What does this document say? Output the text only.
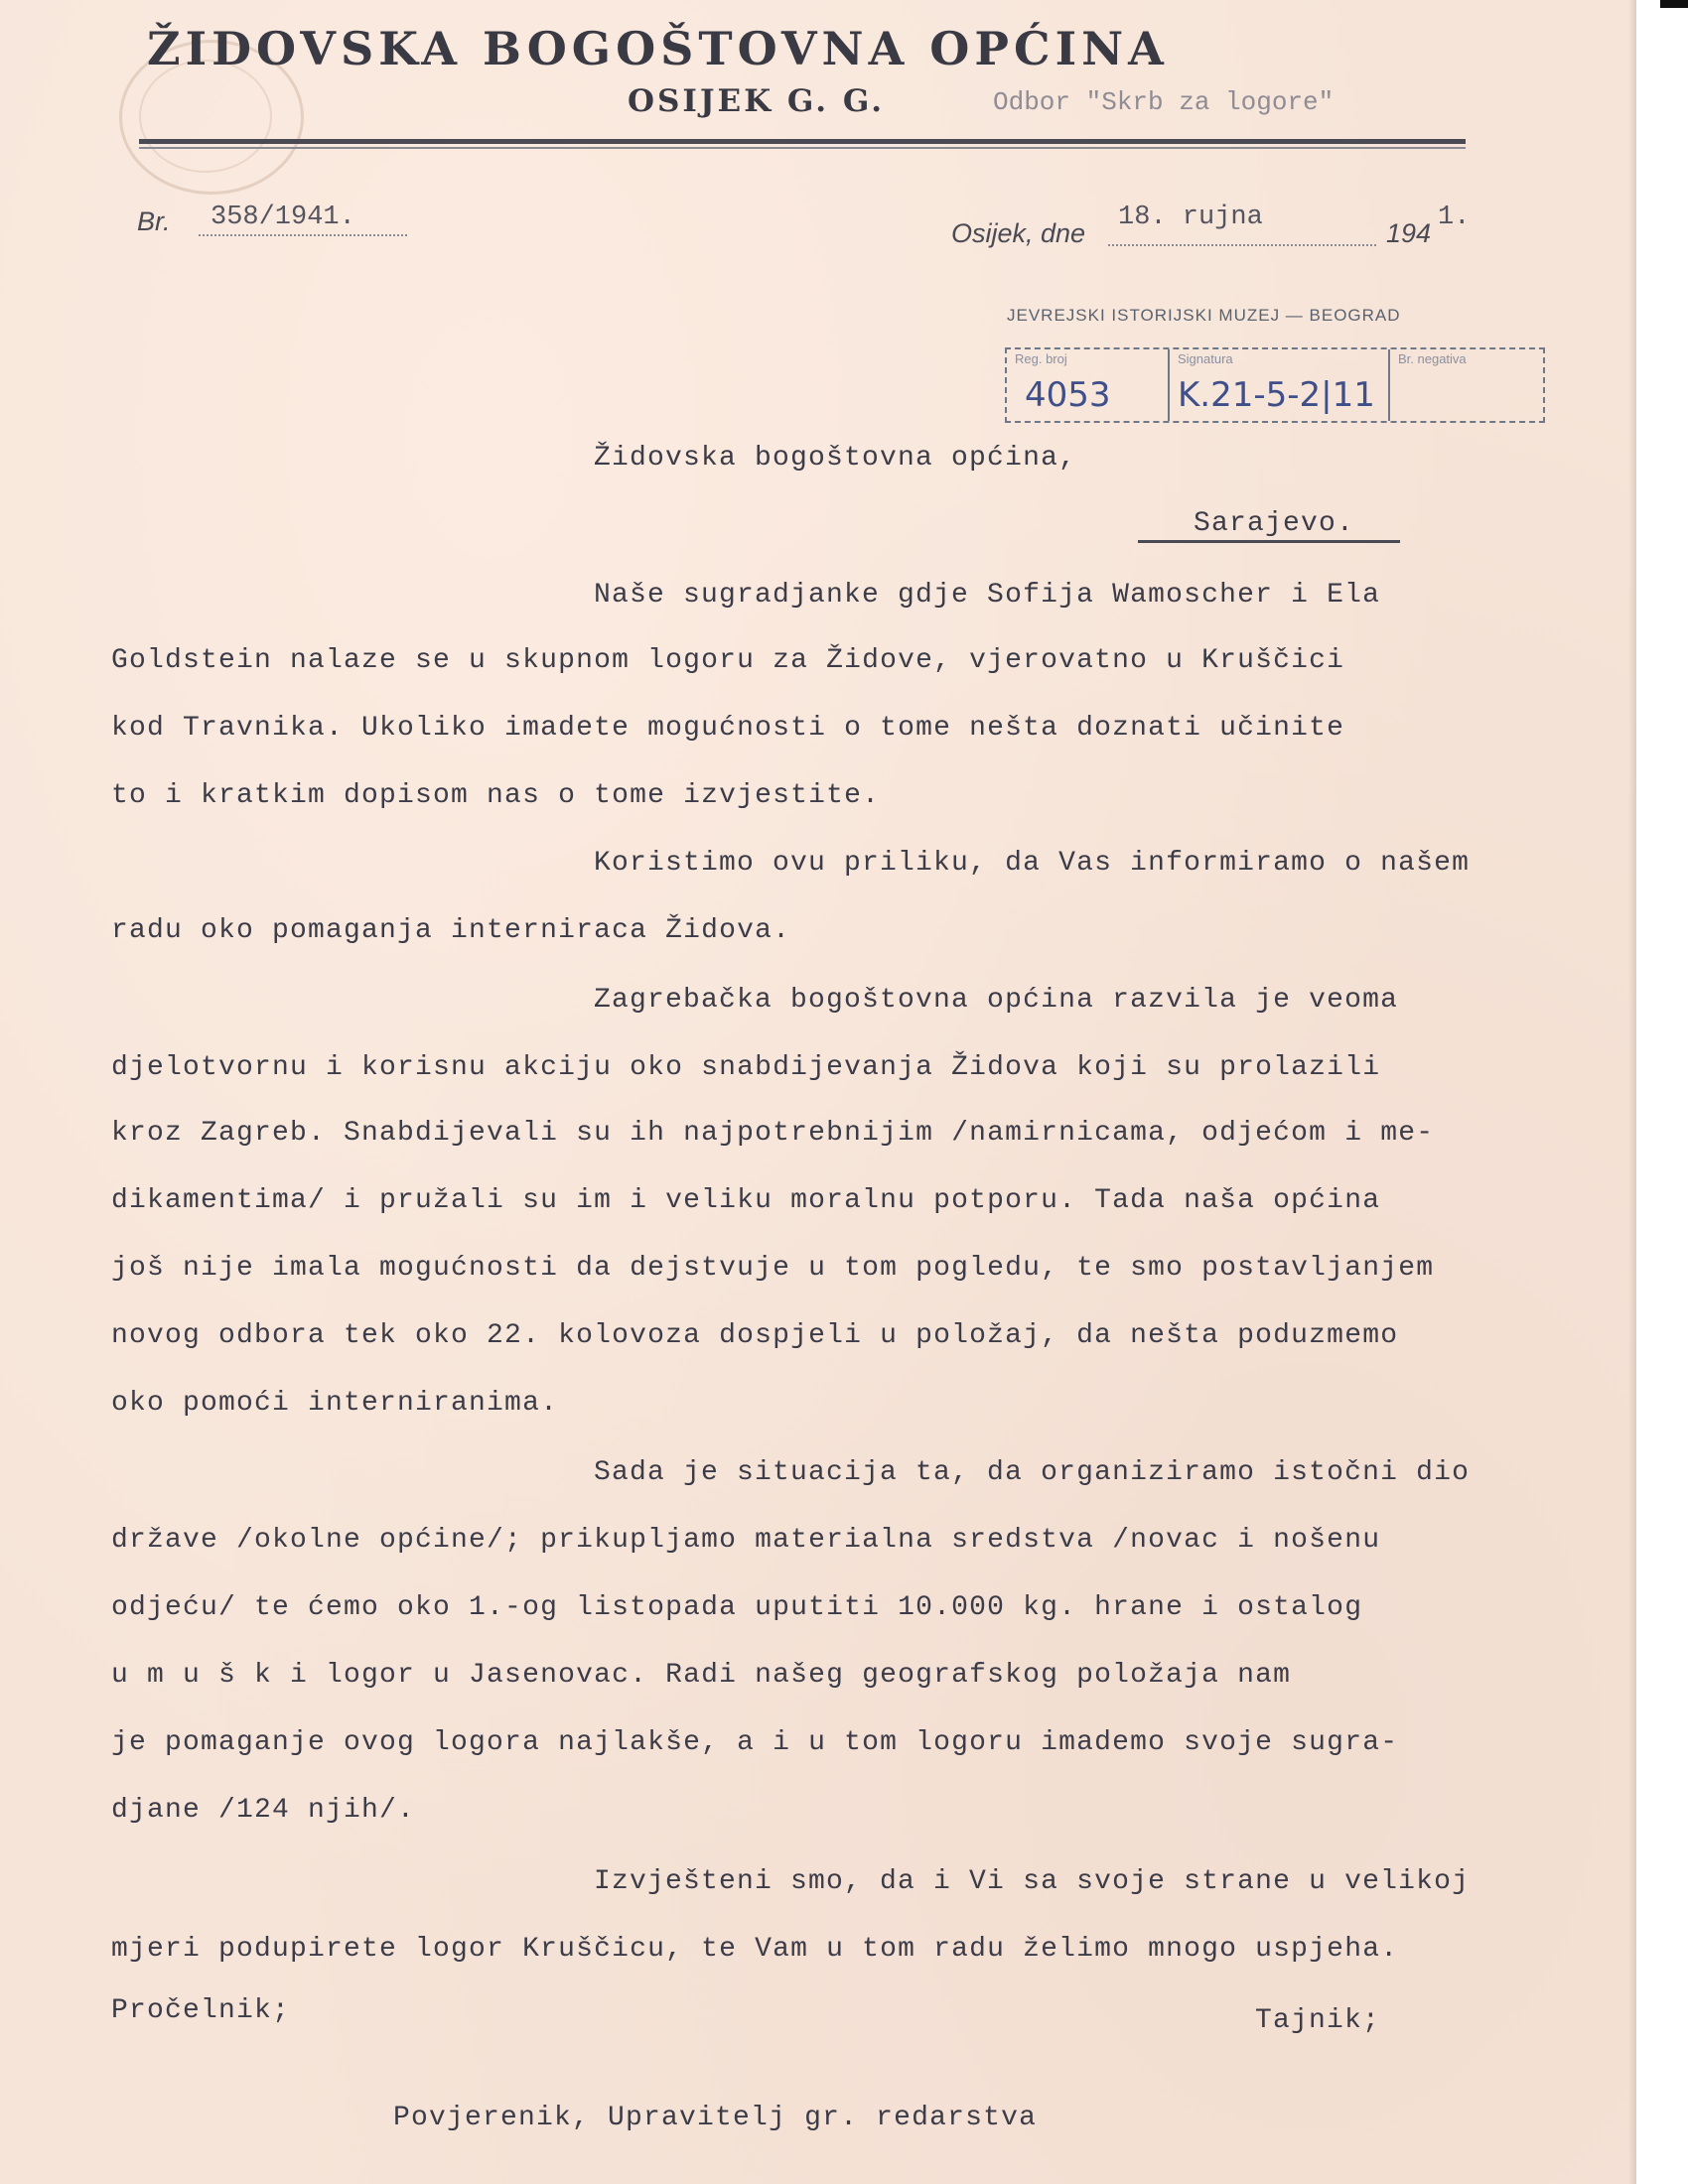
ŽIDOVSKA BOGOŠTOVNA OPĆINA
OSIJEK G. G.	Odbor "Skrb za logore"
Br. 358/1941.
Osijek, dne
18. rujna
194
1.
JEVREJSKI ISTORIJSKI MUZEJ — BEOGRAD
Reg. broj
4053
Signatura
K.21-5-2|11
Br. negativa
Židovska bogoštovna općina,
Sarajevo.
Naše sugradjanke gdje Sofija Wamoscher i Ela
Goldstein nalaze se u skupnom logoru za Židove, vjerovatno u Kruščici
kod Travnika. Ukoliko imadete mogućnosti o tome nešta doznati učinite
to i kratkim dopisom nas o tome izvjestite.
Koristimo ovu priliku, da Vas informiramo o našem
radu oko pomaganja interniraca Židova.
Zagrebačka bogoštovna općina razvila je veoma
djelotvornu i korisnu akciju oko snabdijevanja Židova koji su prolazili
kroz Zagreb. Snabdijevali su ih najpotrebnijim /namirnicama, odjećom i me-
dikamentima/ i pružali su im i veliku moralnu potporu. Tada naša općina
još nije imala mogućnosti da dejstvuje u tom pogledu, te smo postavljanjem
novog odbora tek oko 22. kolovoza dospjeli u položaj, da nešta poduzmemo
oko pomoći interniranima.
Sada je situacija ta, da organiziramo istočni dio
države /okolne općine/; prikupljamo materialna sredstva /novac i nošenu
odjeću/ te ćemo oko 1.-og listopada uputiti 10.000 kg. hrane i ostalog
u m u š k i logor u Jasenovac. Radi našeg geografskog položaja nam
je pomaganje ovog logora najlakše, a i u tom logoru imademo svoje sugra-
djane /124 njih/.
Izvješteni smo, da i Vi sa svoje strane u velikoj
mjeri podupirete logor Kruščicu, te Vam u tom radu želimo mnogo uspjeha.
Pročelnik;	Tajnik;
Povjerenik, Upravitelj gr. redarstva
